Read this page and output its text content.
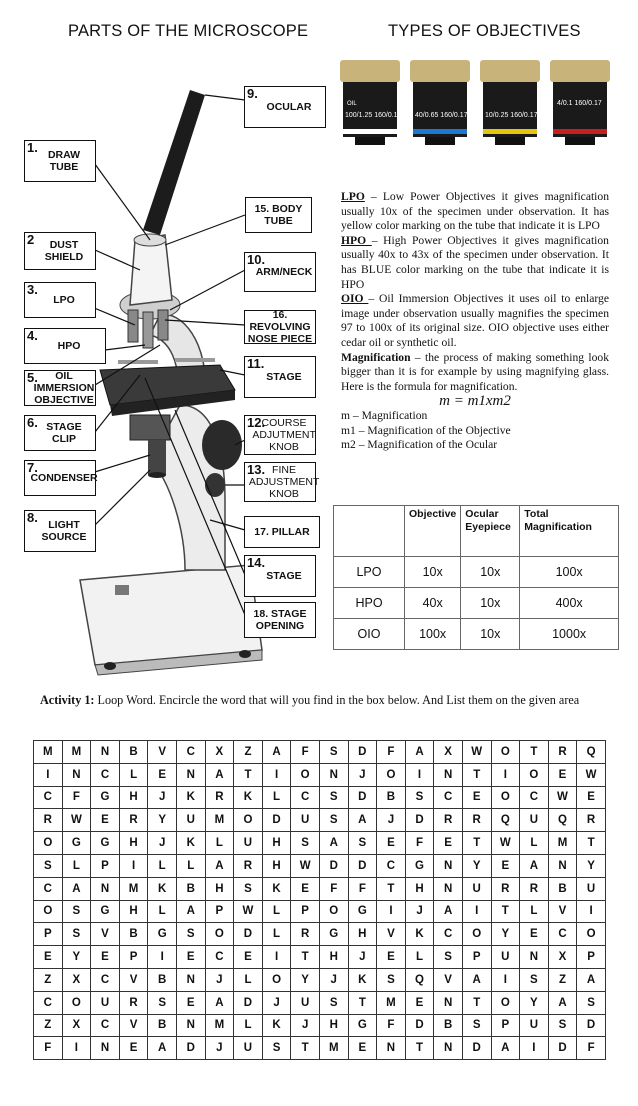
PARTS OF THE MICROSCOPE	TYPES OF OBJECTIVES
9.
OCULAR
1. DRAW TUBE
15. BODY TUBE
2	DUST SHIELD	10.
ARM/NECK
3.
LPO
16. REVOLVING NOSE PIECE
4.
HPO
11.
STAGE
5.	OIL IMMERSION OBJECTIVE
6. STAGE CLIP
12.
COURSE ADJUTMENT KNOB
7.
CONDENSER
13. FINE ADJUSTMENT KNOB
8. LIGHT SOURCE	17. PILLAR
14.
STAGE
18. STAGE OPENING
OIL
100/1.25 160/0.17 40/0.65 160/0.17 10/0.25 160/0.17
4/0.1 160/0.17

LPO – Low Power Objectives it gives magnification usually 10x of the specimen under observation. It has yellow color marking on the tube that indicate it is LPO

HPO – High Power Objectives it gives magnification usually 40x to 43x of the specimen under observation. It has BLUE color marking on the tube that indicate it is HPO

OIO – Oil Immersion Objectives it uses oil to enlarge image under observation usually magnifies the specimen 97 to 100x of its original size. OIO objective uses either cedar oil or synthetic oil.

Magnification – the process of making something look bigger than it is for example by using magnifying glass. Here is the formula for magnification.

m = m1xm2

m – Magnification

m1 – Magnification of the Objective

m2 – Magnification of the Ocular

	Objective	Ocular Eyepiece	Total Magnification
LPO	10x	10x	100x
HPO	40x	10x	400x
OIO	100x	10x	1000x
Activity 1: Loop Word. Encircle the word that will you find in the box below. And List them on the given area
M	M	N	B	V	C	X	Z	A	F	S	D	F	A	X	W	O	T	R	Q
I	N	C	L	E	N	A	T	I	O	N	J	O	I	N	T	I	O	E	W
C	F	G	H	J	K	R	K	L	C	S	D	B	S	C	E	O	C	W	E
R	W	E	R	Y	U	M	O	D	U	S	A	J	D	R	R	Q	U	Q	R
O	G	G	H	J	K	L	U	H	S	A	S	E	F	E	T	W	L	M	T
S	L	P	I	L	L	A	R	H	W	D	D	C	G	N	Y	E	A	N	Y
C	A	N	M	K	B	H	S	K	E	F	F	T	H	N	U	R	R	B	U
O	S	G	H	L	A	P	W	L	P	O	G	I	J	A	I	T	L	V	I
P	S	V	B	G	S	O	D	L	R	G	H	V	K	C	O	Y	E	C	O
E	Y	E	P	I	E	C	E	I	T	H	J	E	L	S	P	U	N	X	P
Z	X	C	V	B	N	J	L	O	Y	J	K	S	Q	V	A	I	S	Z	A
C	O	U	R	S	E	A	D	J	U	S	T	M	E	N	T	O	Y	A	S
Z	X	C	V	B	N	M	L	K	J	H	G	F	D	B	S	P	U	S	D
F	I	N	E	A	D	J	U	S	T	M	E	N	T	N	D	A	I	D	F
